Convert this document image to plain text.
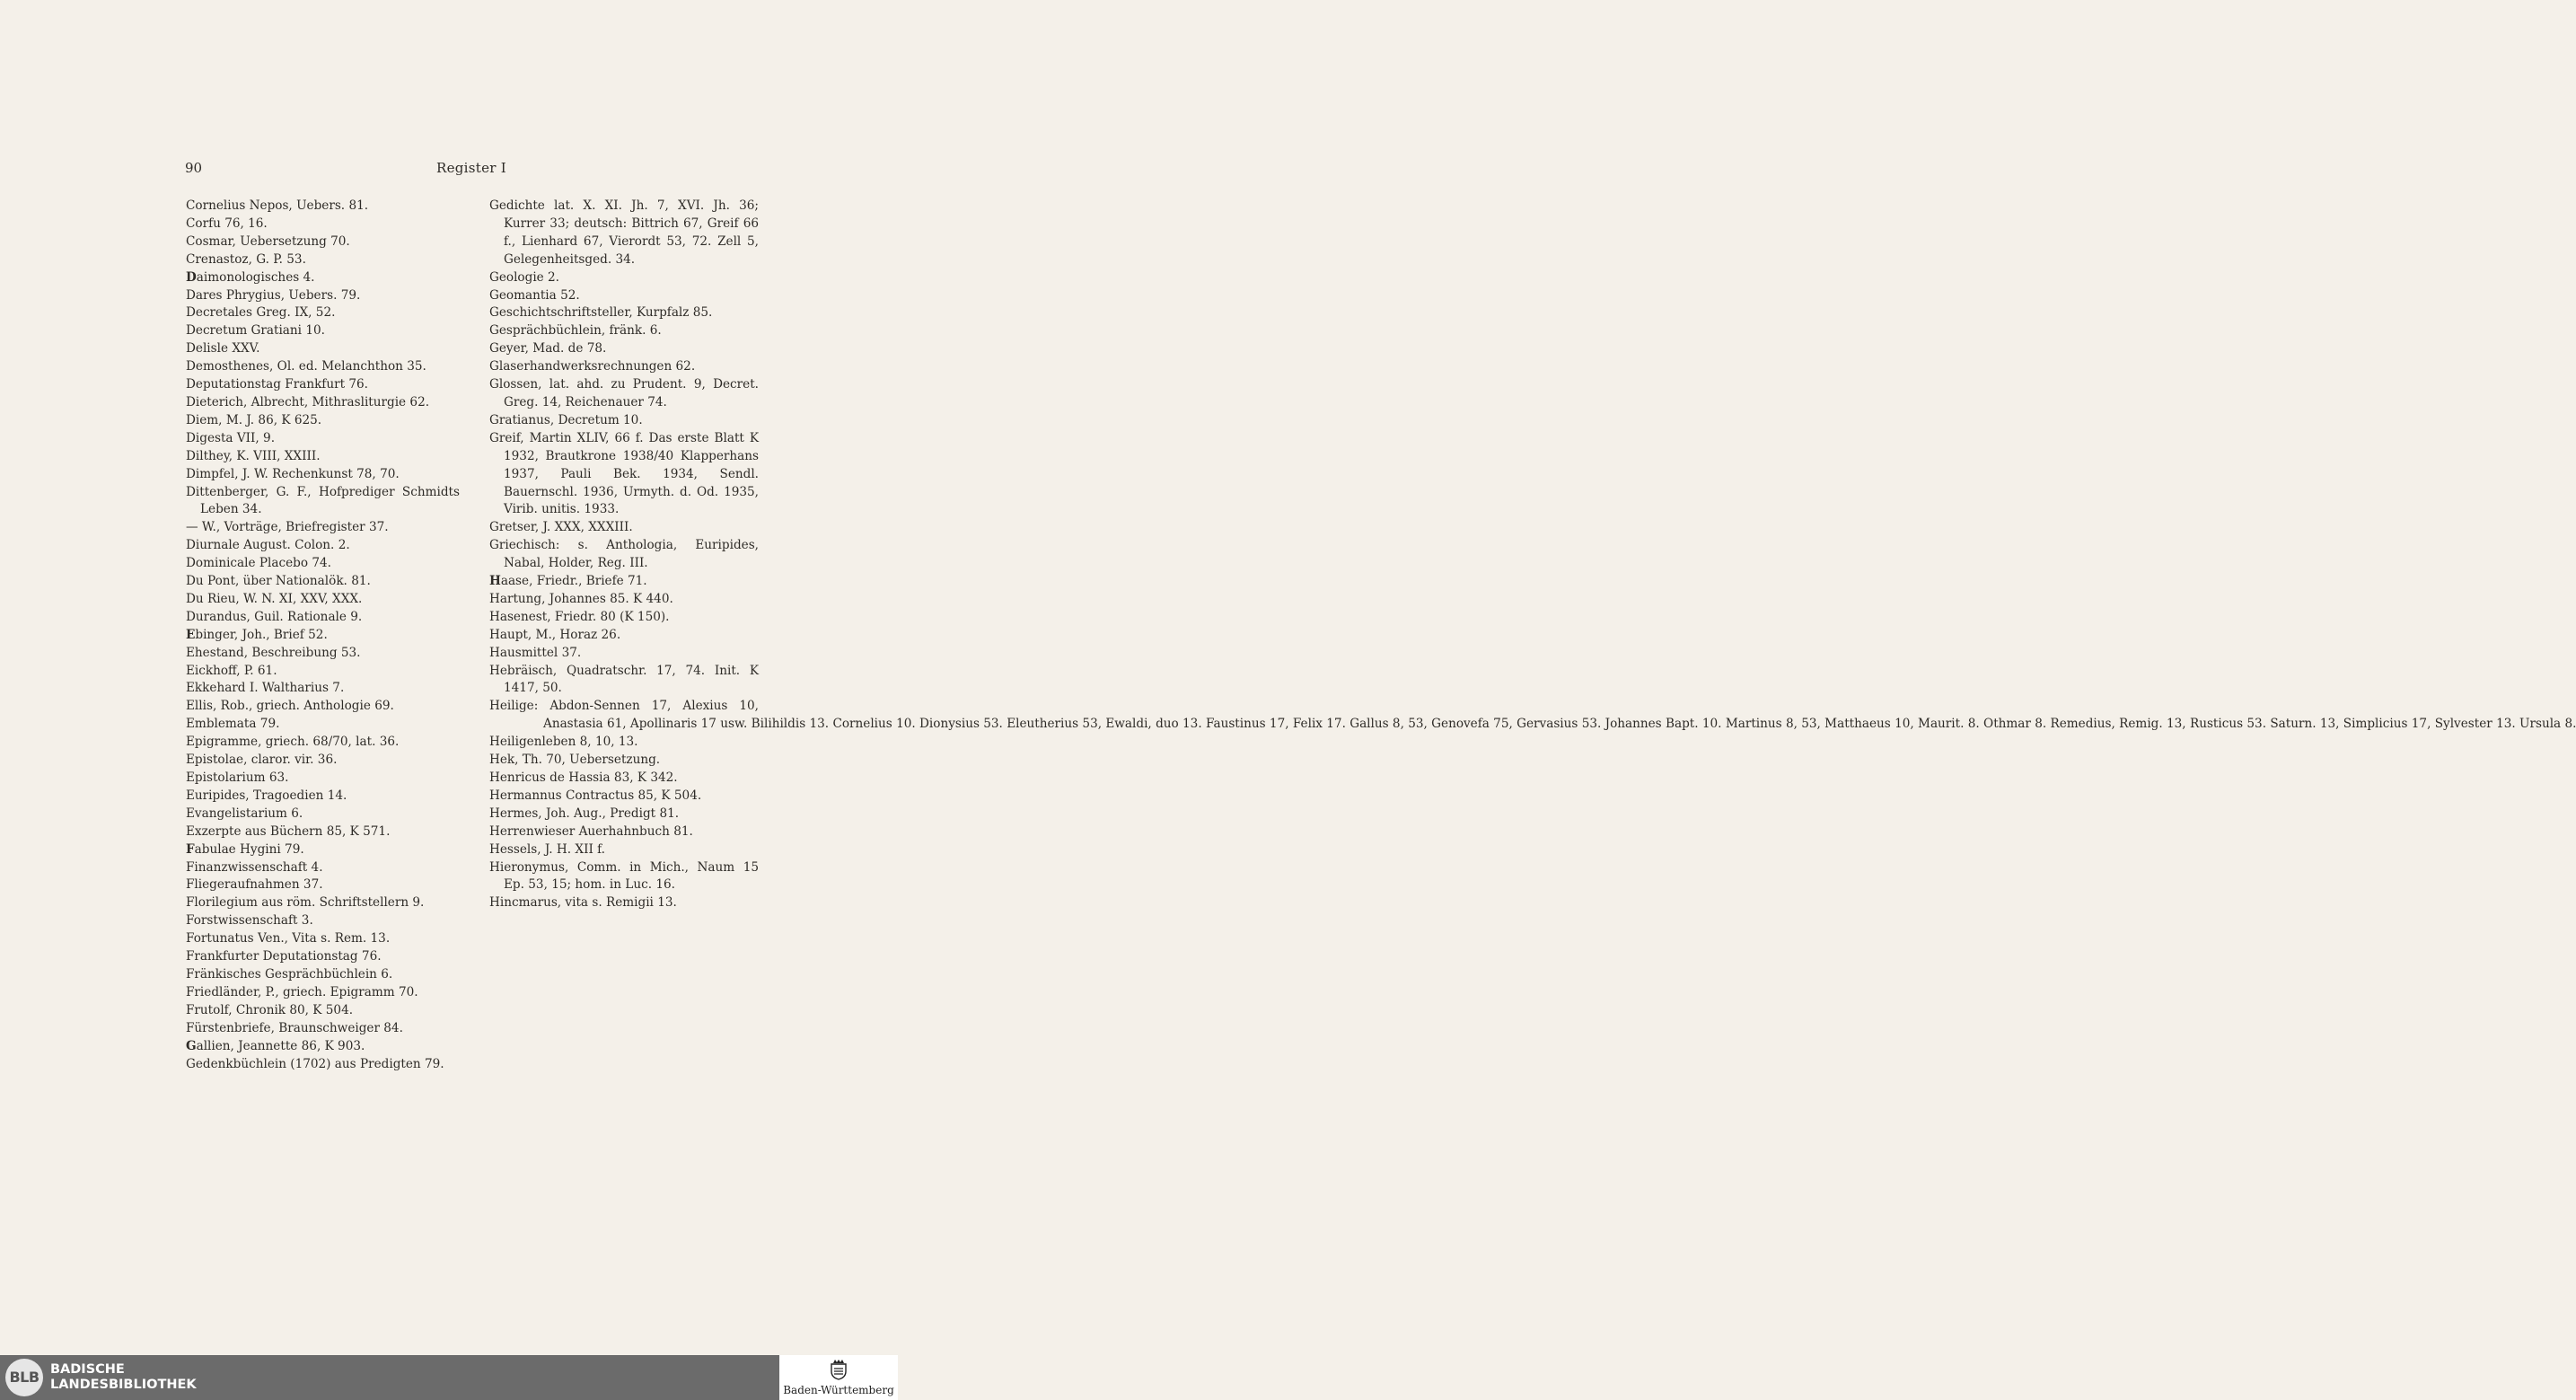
90	Register I
Cornelius Nepos, Uebers. 81.
Corfu 76, 16.
Cosmar, Uebersetzung 70.
Crenastoz, G. P. 53.
Daimonologisches 4.
Dares Phrygius, Uebers. 79.
Decretales Greg. IX, 52.
Decretum Gratiani 10.
Delisle XXV.
Demosthenes, Ol. ed. Melanchthon 35.
Deputationstag Frankfurt 76.
Dieterich, Albrecht, Mithrasliturgie 62.
Diem, M. J. 86, K 625.
Digesta VII, 9.
Dilthey, K. VIII, XXIII.
Dimpfel, J. W. Rechenkunst 78, 70.
Dittenberger, G. F., Hofprediger Schmidts Leben 34.
— W., Vorträge, Briefregister 37.
Diurnale August. Colon. 2.
Dominicale Placebo 74.
Du Pont, über Nationalök. 81.
Du Rieu, W. N. XI, XXV, XXX.
Durandus, Guil. Rationale 9.
Ebinger, Joh., Brief 52.
Ehestand, Beschreibung 53.
Eickhoff, P. 61.
Ekkehard I. Waltharius 7.
Ellis, Rob., griech. Anthologie 69.
Emblemata 79.
Epigramme, griech. 68/70, lat. 36.
Epistolae, claror. vir. 36.
Epistolarium 63.
Euripides, Tragoedien 14.
Evangelistarium 6.
Exzerpte aus Büchern 85, K 571.
Fabulae Hygini 79.
Finanzwissenschaft 4.
Fliegeraufnahmen 37.
Florilegium aus röm. Schriftstellern 9.
Forstwissenschaft 3.
Fortunatus Ven., Vita s. Rem. 13.
Frankfurter Deputationstag 76.
Fränkisches Gesprächbüchlein 6.
Friedländer, P., griech. Epigramm 70.
Frutolf, Chronik 80, K 504.
Fürstenbriefe, Braunschweiger 84.
Gallien, Jeannette 86, K 903.
Gedenkbüchlein (1702) aus Predigten 79.
Gedichte lat. X. XI. Jh. 7, XVI. Jh. 36; Kurrer 33; deutsch: Bittrich 67, Greif 66 f., Lienhard 67, Vierordt 53, 72. Zell 5, Gelegenheitsged. 34.
Geologie 2.
Geomantia 52.
Geschichtschriftsteller, Kurpfalz 85.
Gesprächbüchlein, fränk. 6.
Geyer, Mad. de 78.
Glaserhandwerksrechnungen 62.
Glossen, lat. ahd. zu Prudent. 9, Decret. Greg. 14, Reichenauer 74.
Gratianus, Decretum 10.
Greif, Martin XLIV, 66 f. Das erste Blatt K 1932, Brautkrone 1938/40 Klapperhans 1937, Pauli Bek. 1934, Sendl. Bauernschl. 1936, Urmyth. d. Od. 1935, Virib. unitis. 1933.
Gretser, J. XXX, XXXIII.
Griechisch: s. Anthologia, Euripides, Nabal, Holder, Reg. III.
Haase, Friedr., Briefe 71.
Hartung, Johannes 85. K 440.
Hasenest, Friedr. 80 (K 150).
Haupt, M., Horaz 26.
Hausmittel 37.
Hebräisch, Quadratschr. 17, 74. Init. K 1417, 50.
Heilige: Abdon-Sennen 17, Alexius 10,
Anastasia 61, Apollinaris 17 usw. Bilihildis 13. Cornelius 10. Dionysius 53. Eleutherius 53, Ewaldi, duo 13. Faustinus 17, Felix 17. Gallus 8, 53, Genovefa 75, Gervasius 53. Johannes Bapt. 10. Martinus 8, 53, Matthaeus 10, Maurit. 8. Othmar 8. Remedius, Remig. 13, Rusticus 53. Saturn. 13, Simplicius 17, Sylvester 13. Ursula 8.
Heiligenleben 8, 10, 13.
Hek, Th. 70, Uebersetzung.
Henricus de Hassia 83, K 342.
Hermannus Contractus 85, K 504.
Hermes, Joh. Aug., Predigt 81.
Herrenwieser Auerhahnbuch 81.
Hessels, J. H. XII f.
Hieronymus, Comm. in Mich., Naum 15 Ep. 53, 15; hom. in Luc. 16.
Hincmarus, vita s. Remigii 13.
BLB BADISCHE
LANDESBIBLIOTHEK	Baden-Württemberg
